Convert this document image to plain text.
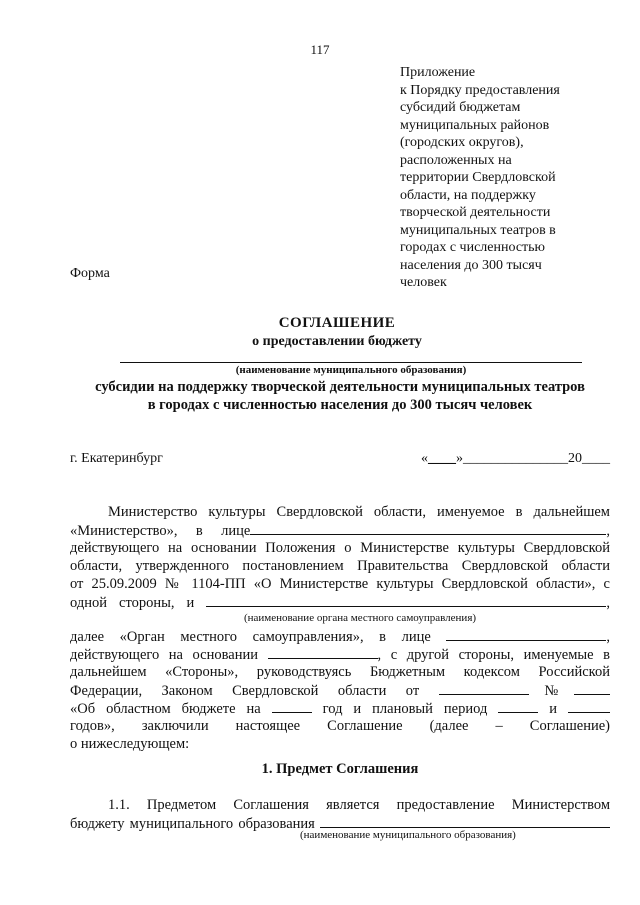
117
Приложение
к Порядку предоставления
субсидий бюджетам
муниципальных районов
(городских округов),
расположенных на
территории Свердловской
области, на поддержку
творческой деятельности
муниципальных театров в
городах с численностью
населения до 300 тысяч
человек
Форма
СОГЛАШЕНИЕ
о предоставлении бюджету
(наименование муниципального образования)
субсидии на поддержку творческой деятельности муниципальных театров
в городах с численностью населения до 300 тысяч человек
г. Екатеринбург	«____»_______________20____
Министерство культуры Свердловской области, именуемое в дальнейшем
«Министерство», в лице	,
действующего на основании Положения о Министерстве культуры Свердловской
области, утвержденного постановлением Правительства Свердловской области
от 25.09.2009 № 1104-ПП «О Министерстве культуры Свердловской области», с
одной стороны, и	,
(наименование органа местного самоуправления)
далее «Орган местного самоуправления», в лице	,
действующего на основании	, с другой стороны, именуемые в
дальнейшем «Стороны», руководствуясь Бюджетным кодексом Российской
Федерации, Законом Свердловской области от	№
«Об областном бюджете на	год и плановый период	и
годов», заключили настоящее Соглашение (далее – Соглашение)
о нижеследующем:
1. Предмет Соглашения
1.1. Предметом Соглашения является предоставление Министерством
бюджету муниципального образования
(наименование муниципального образования)
